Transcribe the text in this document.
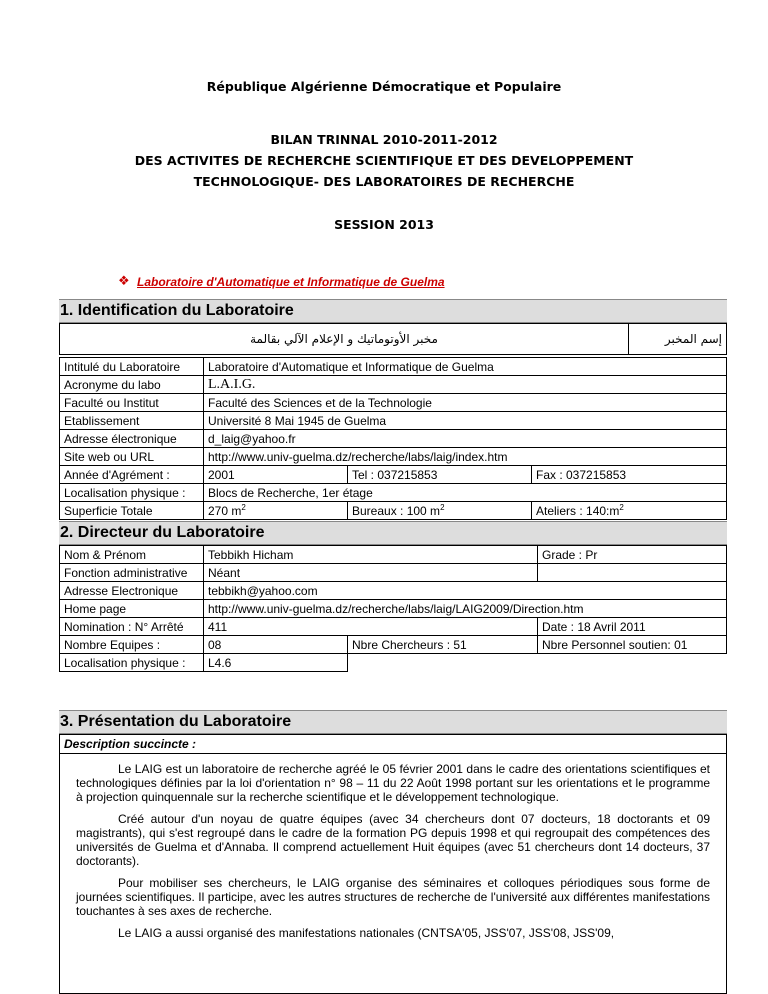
République Algérienne Démocratique et Populaire
BILAN TRINNAL 2010-2011-2012
DES ACTIVITES DE RECHERCHE SCIENTIFIQUE ET DES DEVELOPPEMENT
TECHNOLOGIQUE- DES LABORATOIRES DE RECHERCHE
SESSION 2013
❖ Laboratoire d'Automatique et Informatique de Guelma
1. Identification du Laboratoire
مخبر الأوتوماتيك و الإعلام الآلي بقالمة	إسم المخبر
Intitulé du Laboratoire	Laboratoire d'Automatique et Informatique de Guelma		
Acronyme du labo	L.A.I.G.		
Faculté ou Institut	Faculté des Sciences et de la Technologie		
Etablissement	Université 8 Mai 1945 de Guelma		
Adresse électronique	d_laig@yahoo.fr		
Site web ou URL	http://www.univ-guelma.dz/recherche/labs/laig/index.htm		
Année d'Agrément :	2001	Tel : 037215853	Fax : 037215853
Localisation physique :	Blocs de Recherche, 1er étage		
Superficie Totale	270 $m^2$	Bureaux : 100 $m^2$	Ateliers : $140:m^2$
2. Directeur du Laboratoire
Nom & Prénom	Tebbikh Hicham		Grade : Pr
Fonction administrative	Néant		
Adresse Electronique	tebbikh@yahoo.com		
Home page	http://www.univ-guelma.dz/recherche/labs/laig/LAIG2009/Direction.htm		
Nomination : N° Arrêté	411		Date : 18 Avril 2011
Nombre Equipes :	08	Nbre Chercheurs : 51	Nbre Personnel soutien: 01
Localisation physique :	L4.6		
3. Présentation du Laboratoire
Description succincte :

Le LAIG est un laboratoire de recherche agréé le 05 février 2001 dans le cadre des orientations scientifiques et technologiques définies par la loi d'orientation n° 98 – 11 du 22 Août 1998 portant sur les orientations et le programme à projection quinquennale sur la recherche scientifique et le développement technologique.

Créé autour d'un noyau de quatre équipes (avec 34 chercheurs dont 07 docteurs, 18 doctorants et 09 magistrants), qui s'est regroupé dans le cadre de la formation PG depuis 1998 et qui regroupait des compétences des universités de Guelma et d'Annaba. Il comprend actuellement Huit équipes (avec 51 chercheurs dont 14 docteurs, 37 doctorants).

Pour mobiliser ses chercheurs, le LAIG organise des séminaires et colloques périodiques sous forme de journées scientifiques. Il participe, avec les autres structures de recherche de l'université aux différentes manifestations touchantes à ses axes de recherche.

Le LAIG a aussi organisé des manifestations nationales (CNTSA'05, JSS'07, JSS'08, JSS'09,
